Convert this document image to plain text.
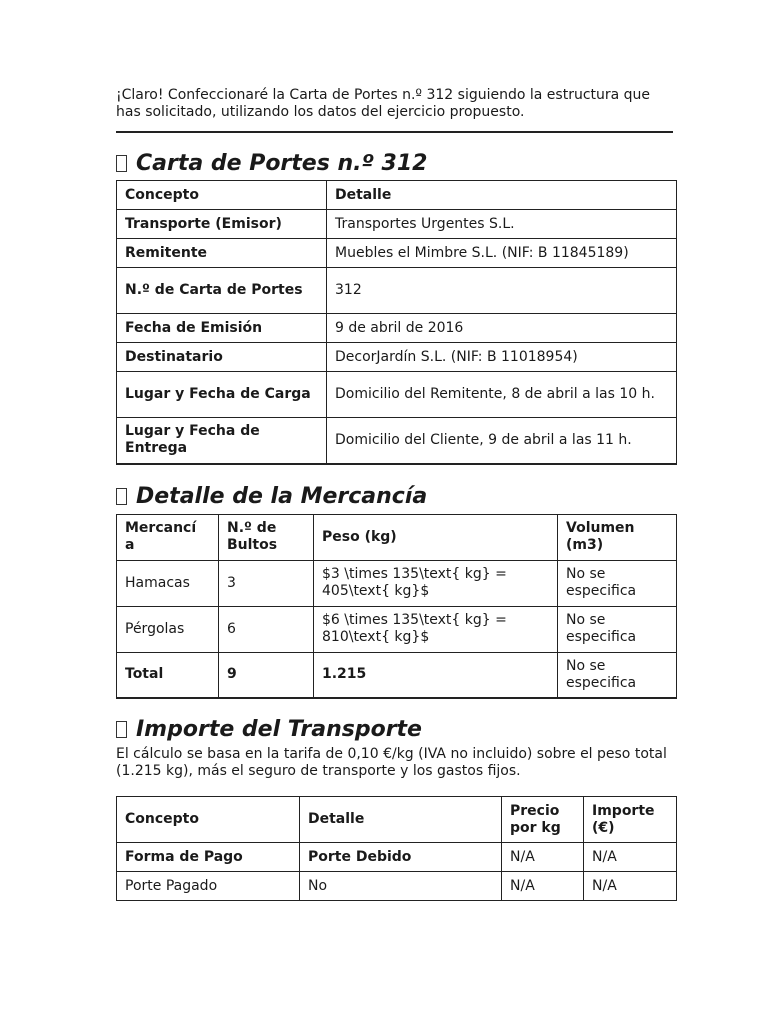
¡Claro! Confeccionaré la Carta de Portes n.º 312 siguiendo la estructura que has solicitado, utilizando los datos del ejercicio propuesto.

Carta de Portes n.º 312
Concepto	Detalle
Transporte (Emisor)	Transportes Urgentes S.L.
Remitente	Muebles el Mimbre S.L. (NIF: B 11845189)
N.º de Carta de Portes	312
Fecha de Emisión	9 de abril de 2016
Destinatario	DecorJardín S.L. (NIF: B 11018954)
Lugar y Fecha de Carga	Domicilio del Remitente, 8 de abril a las 10 h.
Lugar y Fecha de Entrega	Domicilio del Cliente, 9 de abril a las 11 h.
Detalle de la Mercancía
Mercancí a	N.º de Bultos	Peso (kg)	Volumen (m3)
Hamacas	3	$3 \times 135\text{ kg} = 405\text{ kg}$	No se especifica
Pérgolas	6	$6 \times 135\text{ kg} = 810\text{ kg}$	No se especifica
Total	9	1.215	No se especifica
Importe del Transporte

El cálculo se basa en la tarifa de 0,10 €/kg (IVA no incluido) sobre el peso total (1.215 kg), más el seguro de transporte y los gastos fijos.

Concepto	Detalle	Precio por kg	Importe (€)
Forma de Pago	Porte Debido	N/A	N/A
Porte Pagado	No	N/A	N/A
